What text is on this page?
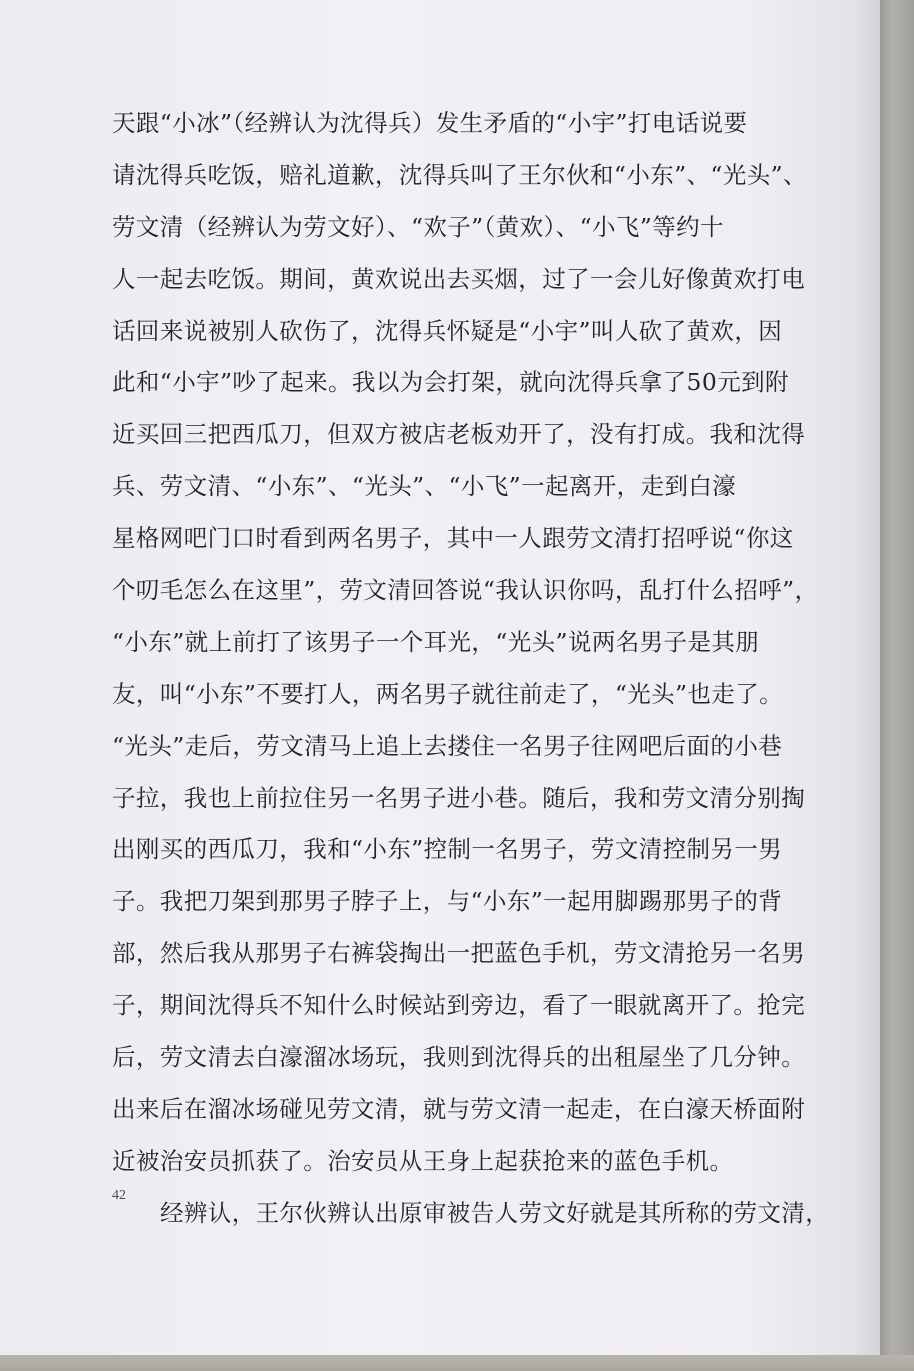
天跟“小冰”（经辨认为沈得兵）发生矛盾的“小宇”打电话说要
请沈得兵吃饭，赔礼道歉，沈得兵叫了王尔伙和“小东”、“光头”、
劳文清（经辨认为劳文好）、“欢子”（黄欢）、“小飞”等约十
人一起去吃饭。期间，黄欢说出去买烟，过了一会儿好像黄欢打电
话回来说被别人砍伤了，沈得兵怀疑是“小宇”叫人砍了黄欢，因
此和“小宇”吵了起来。我以为会打架，就向沈得兵拿了50元到附
近买回三把西瓜刀，但双方被店老板劝开了，没有打成。我和沈得
兵、劳文清、“小东”、“光头”、“小飞”一起离开，走到白濠
星格网吧门口时看到两名男子，其中一人跟劳文清打招呼说“你这
个叨毛怎么在这里”，劳文清回答说“我认识你吗，乱打什么招呼”，
“小东”就上前打了该男子一个耳光，“光头”说两名男子是其朋
友，叫“小东”不要打人，两名男子就往前走了，“光头”也走了。
“光头”走后，劳文清马上追上去搂住一名男子往网吧后面的小巷
子拉，我也上前拉住另一名男子进小巷。随后，我和劳文清分别掏
出刚买的西瓜刀，我和“小东”控制一名男子，劳文清控制另一男
子。我把刀架到那男子脖子上，与“小东”一起用脚踢那男子的背
部，然后我从那男子右裤袋掏出一把蓝色手机，劳文清抢另一名男
子，期间沈得兵不知什么时候站到旁边，看了一眼就离开了。抢完
后，劳文清去白濠溜冰场玩，我则到沈得兵的出租屋坐了几分钟。
出来后在溜冰场碰见劳文清，就与劳文清一起走，在白濠天桥面附
近被治安员抓获了。治安员从王身上起获抢来的蓝色手机。
经辨认，王尔伙辨认出原审被告人劳文好就是其所称的劳文清，
42
